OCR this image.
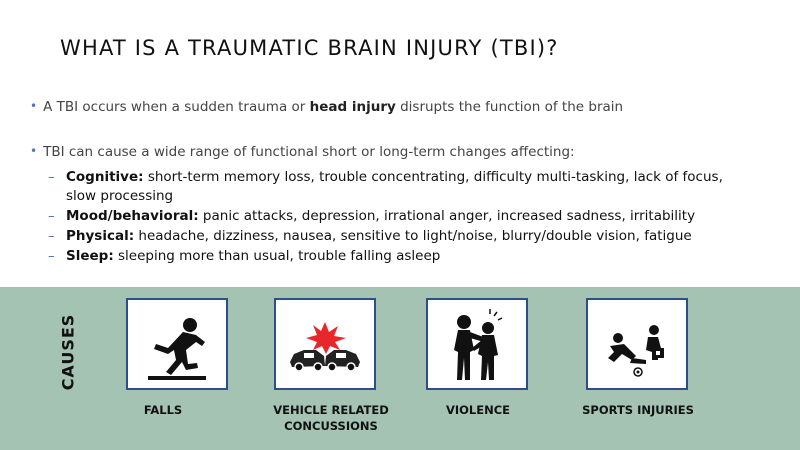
WHAT IS A TRAUMATIC BRAIN INJURY (TBI)?
• A TBI occurs when a sudden trauma or head injury disrupts the function of the brain
• TBI can cause a wide range of functional short or long-term changes affecting:
– Cognitive: short-term memory loss, trouble concentrating, difficulty multi-tasking, lack of focus,
slow processing
– Mood/behavioral: panic attacks, depression, irrational anger, increased sadness, irritability
– Physical: headache, dizziness, nausea, sensitive to light/noise, blurry/double vision, fatigue
– Sleep: sleeping more than usual, trouble falling asleep
CAUSES
FALLS	VEHICLE RELATED
CONCUSSIONS
VIOLENCE	SPORTS INJURIES
